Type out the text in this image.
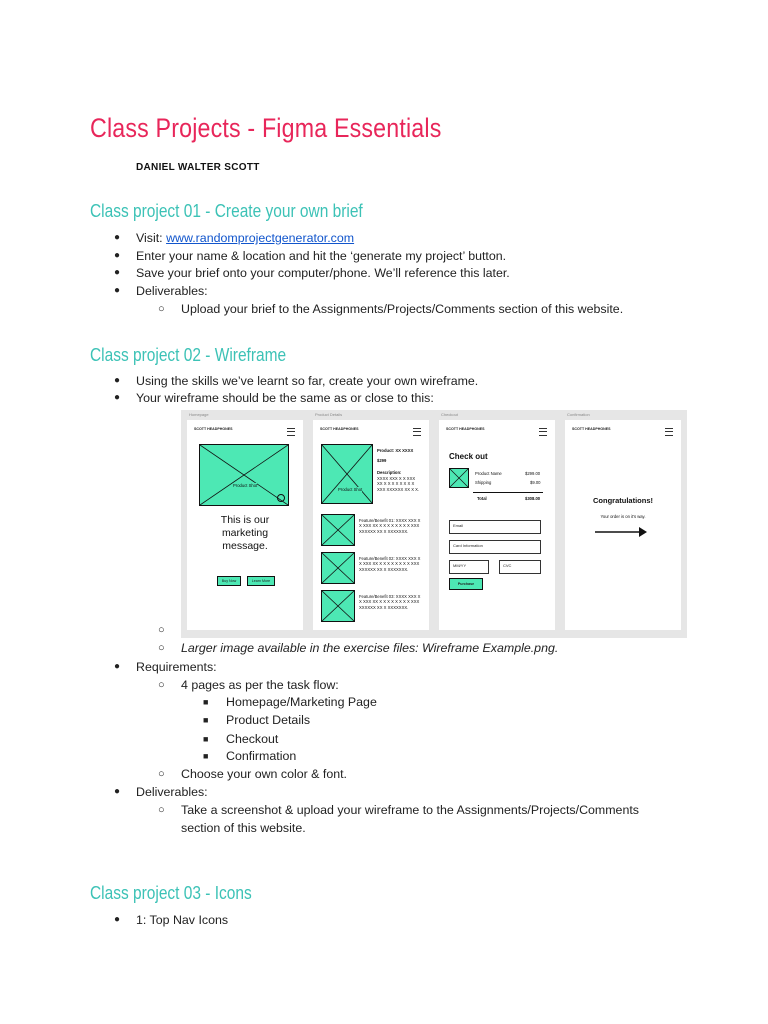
Class Projects - Figma Essentials
DANIEL WALTER SCOTT
Class project 01 - Create your own brief
● Visit: www.randomprojectgenerator.com
● Enter your name & location and hit the ‘generate my project’ button.
● Save your brief onto your computer/phone. We’ll reference this later.
● Deliverables:
○ Upload your brief to the Assignments/Projects/Comments section of this website.
Class project 02 - Wireframe
● Using the skills we’ve learnt so far, create your own wireframe.
● Your wireframe should be the same as or close to this:
SCOTT HEADPHONES
Product Shot
This is our marketing message.
Buy Now	Learn More
SCOTT HEADPHONES
Product Shot
Product: XX XXXX
$299
Description:
XXXX XXX X X XXX XX X X X X X X X X XXX XXXXXX XX X X.
Feature/Benefit 01: XXXX XXX X X XXX XX X X X X X X X X XXX XXXXXX XX X XXXXXXX.
Feature/Benefit 02: XXXX XXX X X XXX XX X X X X X X X X XXX XXXXXX XX X XXXXXXX.
Feature/Benefit 03: XXXX XXX X X XXX XX X X X X X X X X XXX XXXXXX XX X XXXXXXX.
SCOTT HEADPHONES
Check out
Product Name	$299.00
Shipping	$9.00
Total	$308.00
Email
Card Information
MM/YY	CVC
Purchase
SCOTT HEADPHONES
Congratulations!
Your order is on it's way.
Homepage	Product Details	Checkout	Confirmation
○
○ Larger image available in the exercise files: Wireframe Example.png.
● Requirements:
○ 4 pages as per the task flow:
■ Homepage/Marketing Page
■ Product Details
■ Checkout
■ Confirmation
○ Choose your own color & font.
● Deliverables:
○ Take a screenshot & upload your wireframe to the Assignments/Projects/Comments
section of this website.
Class project 03 - Icons
● 1: Top Nav Icons
